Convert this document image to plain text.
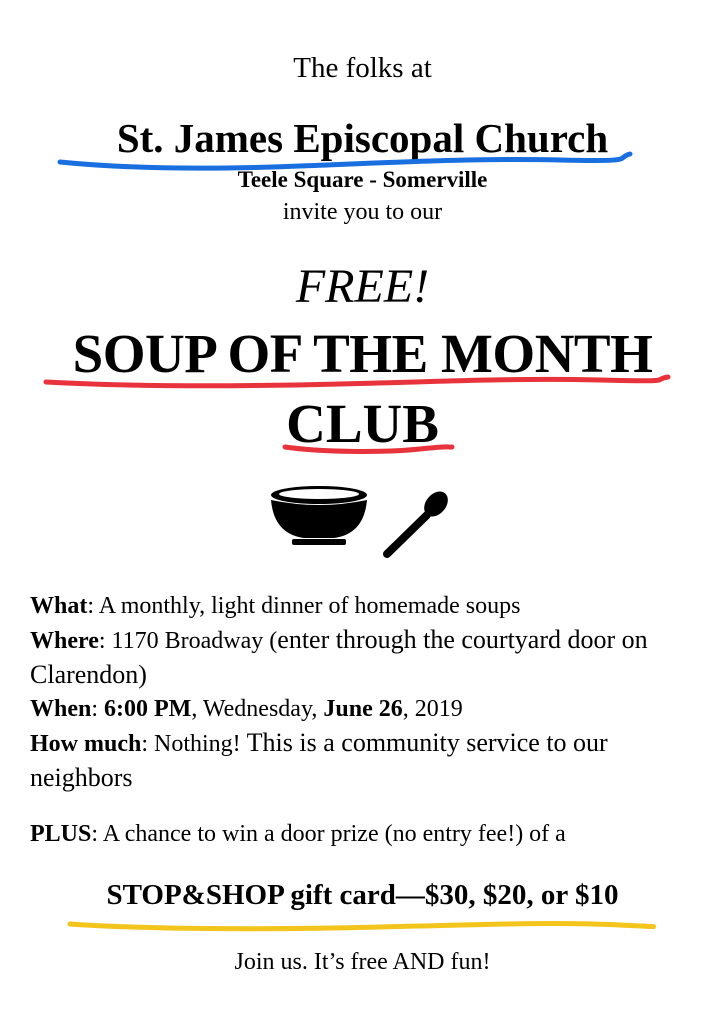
The folks at
St. James Episcopal Church
Teele Square - Somerville
invite you to our
FREE!
SOUP OF THE MONTH
CLUB

What: A monthly, light dinner of homemade soups

Where: 1170 Broadway (enter through the courtyard door on Clarendon)

When: 6:00 PM, Wednesday, June 26, 2019

How much: Nothing! This is a community service to our neighbors

PLUS: A chance to win a door prize (no entry fee!) of a
STOP&SHOP gift card—$30, $20, or $10
Join us. It’s free AND fun!
